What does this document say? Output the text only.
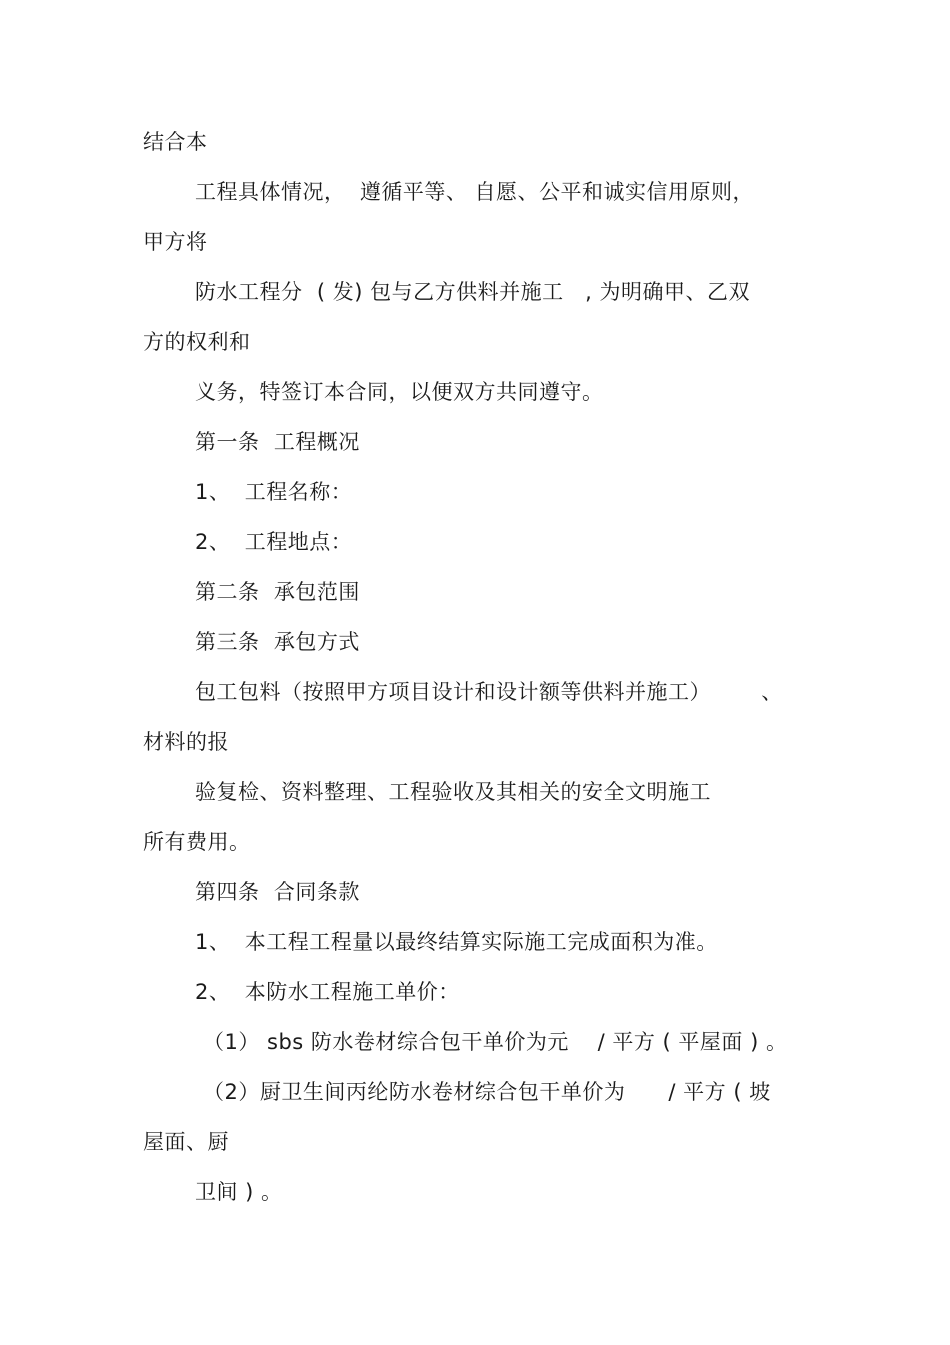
结合本
工程具体情况，  遵循平等、 自愿、公平和诚实信用原则，
甲方将
防水工程分  ( 发) 包与乙方供料并施工   , 为明确甲、乙双
方的权利和
义务，特签订本合同，以便双方共同遵守。
第一条  工程概况
1、  工程名称：
2、  工程地点：
第二条  承包范围
第三条  承包方式
包工包料（按照甲方项目设计和设计额等供料并施工）       、
材料的报
验复检、资料整理、工程验收及其相关的安全文明施工
所有费用。
第四条  合同条款
1、  本工程工程量以最终结算实际施工完成面积为准。
2、  本防水工程施工单价：
（1） sbs 防水卷材综合包干单价为元    / 平方 ( 平屋面 ) 。
（2）厨卫生间丙纶防水卷材综合包干单价为      / 平方 ( 坡
屋面、厨
卫间 ) 。
